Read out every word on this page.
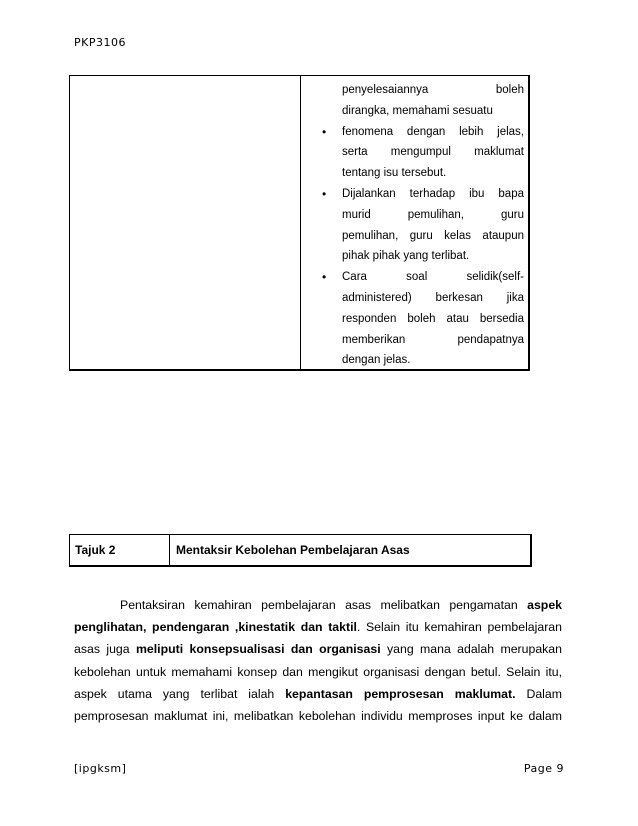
PKP3106
penyelesaiannya boleh
dirangka, memahami sesuatu
• fenomena dengan lebih jelas,
serta mengumpul maklumat
tentang isu tersebut.
• Dijalankan terhadap ibu bapa
murid pemulihan, guru
pemulihan, guru kelas ataupun
pihak pihak yang terlibat.
• Cara soal selidik(self-
administered) berkesan jika
responden boleh atau bersedia
memberikan pendapatnya
dengan jelas.
Tajuk 2	Mentaksir Kebolehan Pembelajaran Asas
Pentaksiran kemahiran pembelajaran asas melibatkan pengamatan aspek
penglihatan, pendengaran ,kinestatik dan taktil. Selain itu kemahiran pembelajaran
asas juga meliputi konsepsualisasi dan organisasi yang mana adalah merupakan
kebolehan untuk memahami konsep dan mengikut organisasi dengan betul. Selain itu,
aspek utama yang terlibat ialah kepantasan pemprosesan maklumat. Dalam
pemprosesan maklumat ini, melibatkan kebolehan individu memproses input ke dalam
[ipgksm]	Page 9
